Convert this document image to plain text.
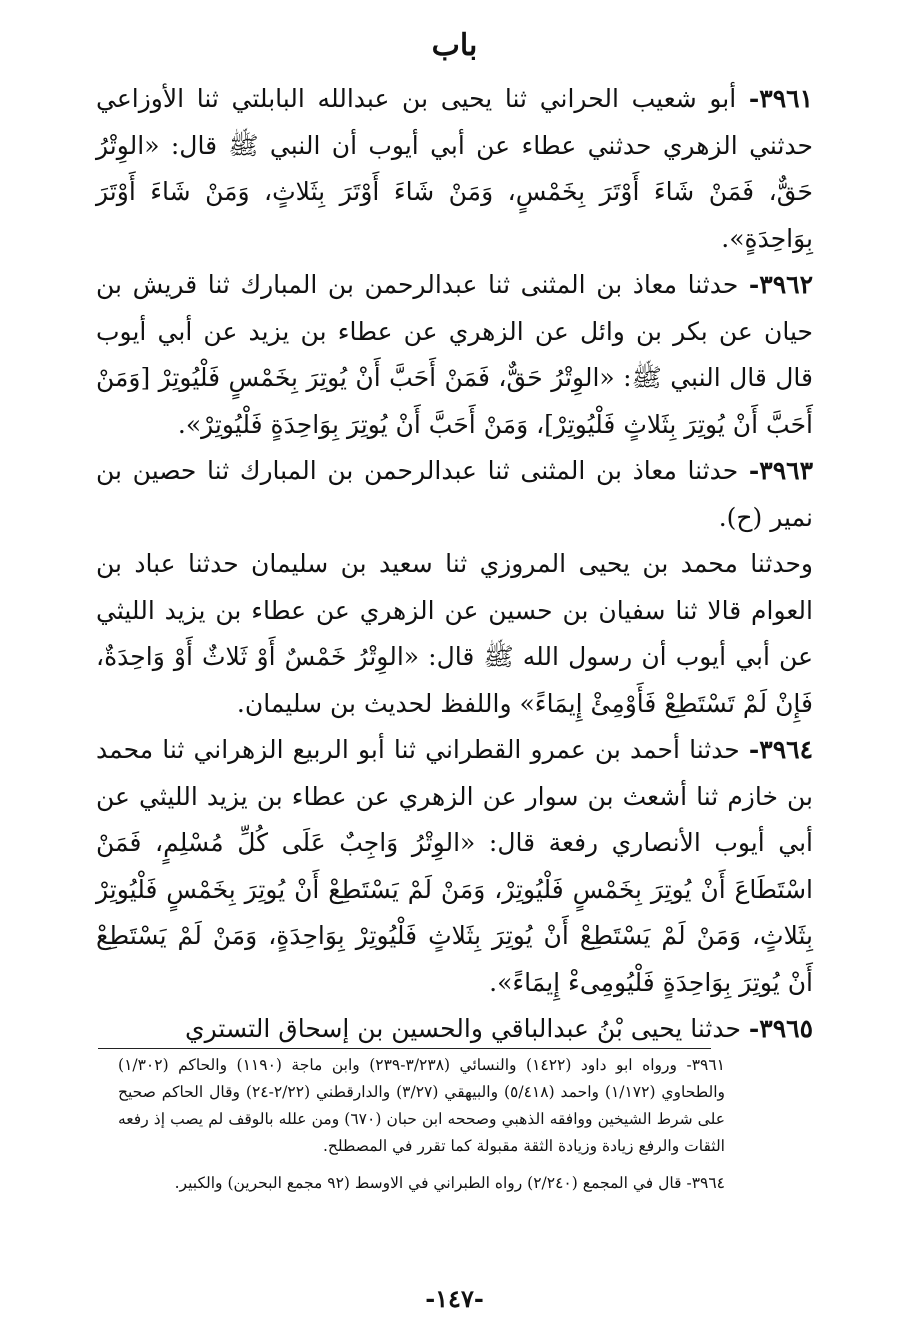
باب

٣٩٦١- أبو شعيب الحراني ثنا يحيى بن عبدالله البابلتي ثنا الأوزاعي حدثني الزهري حدثني عطاء عن أبي أيوب أن النبي ﷺ قال: «الوِتْرُ حَقٌّ، فَمَنْ شَاءَ أَوْتَرَ بِخَمْسٍ، وَمَنْ شَاءَ أَوْتَرَ بِثَلاثٍ، وَمَنْ شَاءَ أَوْتَرَ بِوَاحِدَةٍ».

٣٩٦٢- حدثنا معاذ بن المثنى ثنا عبدالرحمن بن المبارك ثنا قريش بن حيان عن بكر بن وائل عن الزهري عن عطاء بن يزيد عن أبي أيوب قال قال النبي ﷺ: «الوِتْرُ حَقٌّ، فَمَنْ أَحَبَّ أَنْ يُوتِرَ بِخَمْسٍ فَلْيُوتِرْ [وَمَنْ أَحَبَّ أَنْ يُوتِرَ بِثَلاثٍ فَلْيُوتِرْ]، وَمَنْ أَحَبَّ أَنْ يُوتِرَ بِوَاحِدَةٍ فَلْيُوتِرْ».

٣٩٦٣- حدثنا معاذ بن المثنى ثنا عبدالرحمن بن المبارك ثنا حصين بن نمير (ح).

وحدثنا محمد بن يحيى المروزي ثنا سعيد بن سليمان حدثنا عباد بن العوام قالا ثنا سفيان بن حسين عن الزهري عن عطاء بن يزيد الليثي عن أبي أيوب أن رسول الله ﷺ قال: «الوِتْرُ خَمْسٌ أَوْ ثَلاثٌ أَوْ وَاحِدَةٌ، فَإِنْ لَمْ تَسْتَطِعْ فَأَوْمِئْ إِيمَاءً» واللفظ لحديث بن سليمان.

٣٩٦٤- حدثنا أحمد بن عمرو القطراني ثنا أبو الربيع الزهراني ثنا محمد بن خازم ثنا أشعث بن سوار عن الزهري عن عطاء بن يزيد الليثي عن أبي أيوب الأنصاري رفعة قال: «الوِتْرُ وَاجِبٌ عَلَى كُلِّ مُسْلِمٍ، فَمَنْ اسْتَطَاعَ أَنْ يُوتِرَ بِخَمْسٍ فَلْيُوتِرْ، وَمَنْ لَمْ يَسْتَطِعْ أَنْ يُوتِرَ بِخَمْسٍ فَلْيُوتِرْ بِثَلاثٍ، وَمَنْ لَمْ يَسْتَطِعْ أَنْ يُوتِرَ بِثَلاثٍ فَلْيُوتِرْ بِوَاحِدَةٍ، وَمَنْ لَمْ يَسْتَطِعْ أَنْ يُوتِرَ بِوَاحِدَةٍ فَلْيُومِىءْ إِيمَاءً».

٣٩٦٥- حدثنا يحيى بْنُ عبدالباقي والحسين بن إسحاق التستري

٣٩٦١- ورواه ابو داود (١٤٢٢) والنسائي (٣/٢٣٨-٢٣٩) وابن ماجة (١١٩٠) والحاكم (١/٣٠٢) والطحاوي (١/١٧٢) واحمد (٥/٤١٨) والبيهقي (٣/٢٧) والدارقطني (٢/٢٢-٢٤) وقال الحاكم صحيح على شرط الشيخين ووافقه الذهبي وصححه ابن حبان (٦٧٠) ومن علله بالوقف لم يصب إذ رفعه الثقات والرفع زيادة وزيادة الثقة مقبولة كما تقرر في المصطلح.

٣٩٦٤- قال في المجمع (٢/٢٤٠) رواه الطبراني في الاوسط (٩٢ مجمع البحرين) والكبير.

-١٤٧-
